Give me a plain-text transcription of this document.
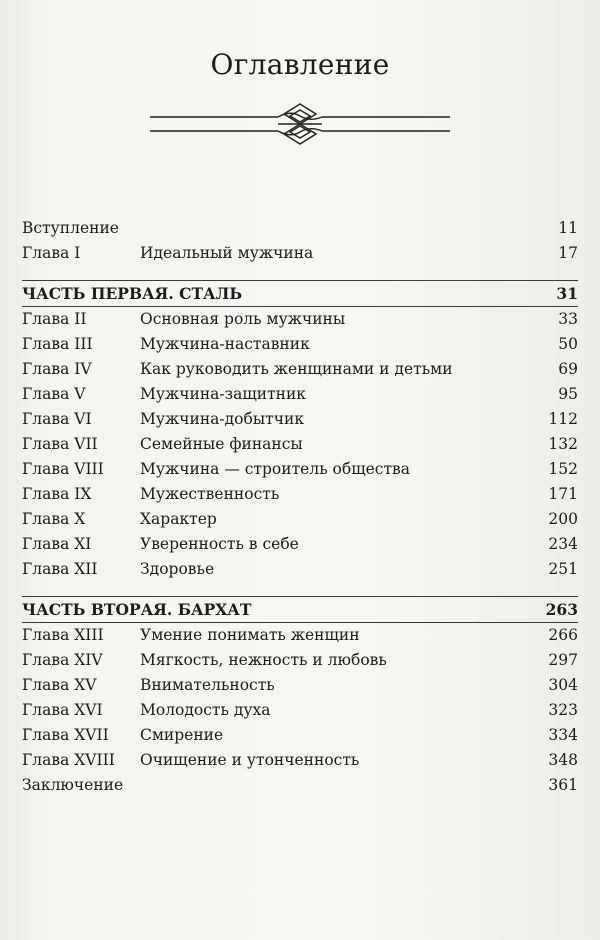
Оглавление
Вступление	11
Глава I	Идеальный мужчина	17
ЧАСТЬ ПЕРВАЯ. СТАЛЬ	31
Глава II	Основная роль мужчины	33
Глава III	Мужчина-наставник	50
Глава IV	Как руководить женщинами и детьми	69
Глава V	Мужчина-защитник	95
Глава VI	Мужчина-добытчик	112
Глава VII	Семейные финансы	132
Глава VIII Мужчина — строитель общества	152
Глава IX	Мужественность	171
Глава X	Характер	200
Глава XI	Уверенность в себе	234
Глава XII	Здоровье	251
ЧАСТЬ ВТОРАЯ. БАРХАТ	263
Глава XIII Умение понимать женщин	266
Глава XIV Мягкость, нежность и любовь	297
Глава XV	Внимательность	304
Глава XVI Молодость духа	323
Глава XVII Смирение	334
Глава XVIII Очищение и утонченность	348
Заключение	361
